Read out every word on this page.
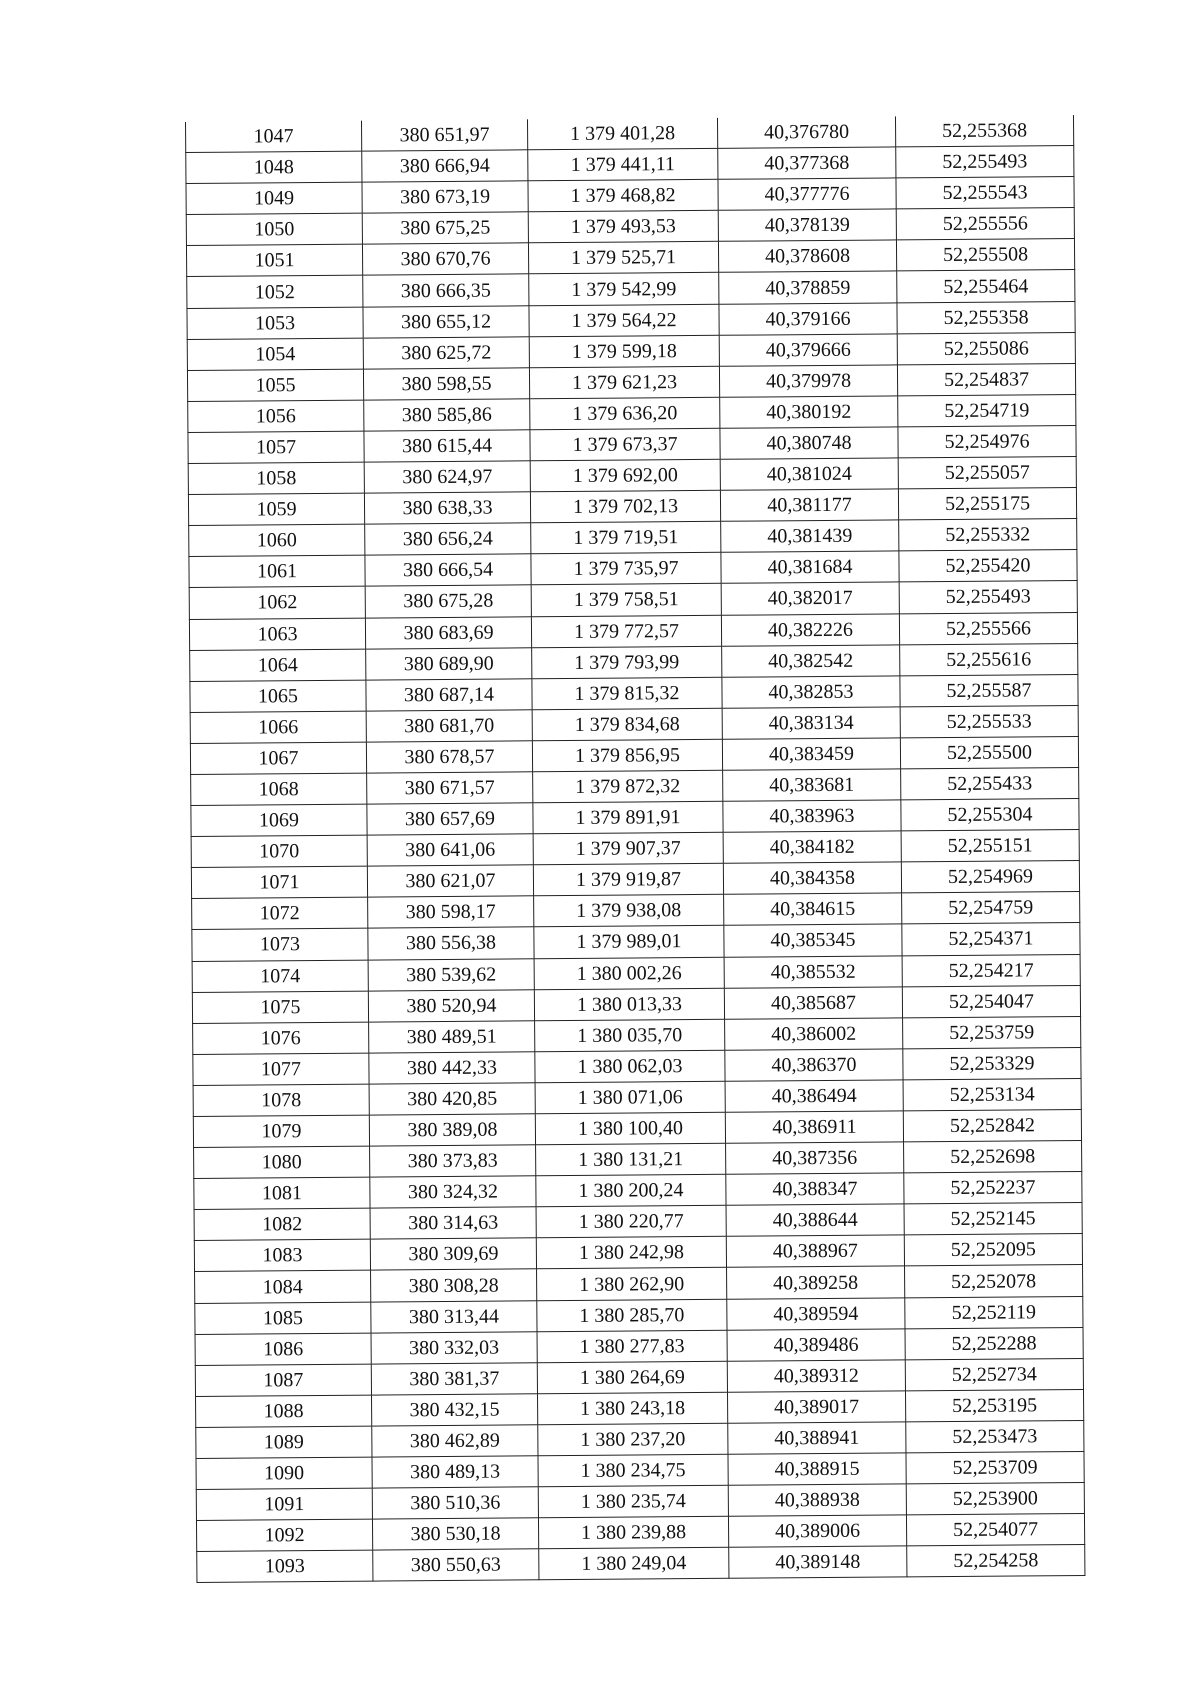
1047	380 651,97	1 379 401,28	40,376780	52,255368
1048	380 666,94	1 379 441,11	40,377368	52,255493
1049	380 673,19	1 379 468,82	40,377776	52,255543
1050	380 675,25	1 379 493,53	40,378139	52,255556
1051	380 670,76	1 379 525,71	40,378608	52,255508
1052	380 666,35	1 379 542,99	40,378859	52,255464
1053	380 655,12	1 379 564,22	40,379166	52,255358
1054	380 625,72	1 379 599,18	40,379666	52,255086
1055	380 598,55	1 379 621,23	40,379978	52,254837
1056	380 585,86	1 379 636,20	40,380192	52,254719
1057	380 615,44	1 379 673,37	40,380748	52,254976
1058	380 624,97	1 379 692,00	40,381024	52,255057
1059	380 638,33	1 379 702,13	40,381177	52,255175
1060	380 656,24	1 379 719,51	40,381439	52,255332
1061	380 666,54	1 379 735,97	40,381684	52,255420
1062	380 675,28	1 379 758,51	40,382017	52,255493
1063	380 683,69	1 379 772,57	40,382226	52,255566
1064	380 689,90	1 379 793,99	40,382542	52,255616
1065	380 687,14	1 379 815,32	40,382853	52,255587
1066	380 681,70	1 379 834,68	40,383134	52,255533
1067	380 678,57	1 379 856,95	40,383459	52,255500
1068	380 671,57	1 379 872,32	40,383681	52,255433
1069	380 657,69	1 379 891,91	40,383963	52,255304
1070	380 641,06	1 379 907,37	40,384182	52,255151
1071	380 621,07	1 379 919,87	40,384358	52,254969
1072	380 598,17	1 379 938,08	40,384615	52,254759
1073	380 556,38	1 379 989,01	40,385345	52,254371
1074	380 539,62	1 380 002,26	40,385532	52,254217
1075	380 520,94	1 380 013,33	40,385687	52,254047
1076	380 489,51	1 380 035,70	40,386002	52,253759
1077	380 442,33	1 380 062,03	40,386370	52,253329
1078	380 420,85	1 380 071,06	40,386494	52,253134
1079	380 389,08	1 380 100,40	40,386911	52,252842
1080	380 373,83	1 380 131,21	40,387356	52,252698
1081	380 324,32	1 380 200,24	40,388347	52,252237
1082	380 314,63	1 380 220,77	40,388644	52,252145
1083	380 309,69	1 380 242,98	40,388967	52,252095
1084	380 308,28	1 380 262,90	40,389258	52,252078
1085	380 313,44	1 380 285,70	40,389594	52,252119
1086	380 332,03	1 380 277,83	40,389486	52,252288
1087	380 381,37	1 380 264,69	40,389312	52,252734
1088	380 432,15	1 380 243,18	40,389017	52,253195
1089	380 462,89	1 380 237,20	40,388941	52,253473
1090	380 489,13	1 380 234,75	40,388915	52,253709
1091	380 510,36	1 380 235,74	40,388938	52,253900
1092	380 530,18	1 380 239,88	40,389006	52,254077
1093	380 550,63	1 380 249,04	40,389148	52,254258
